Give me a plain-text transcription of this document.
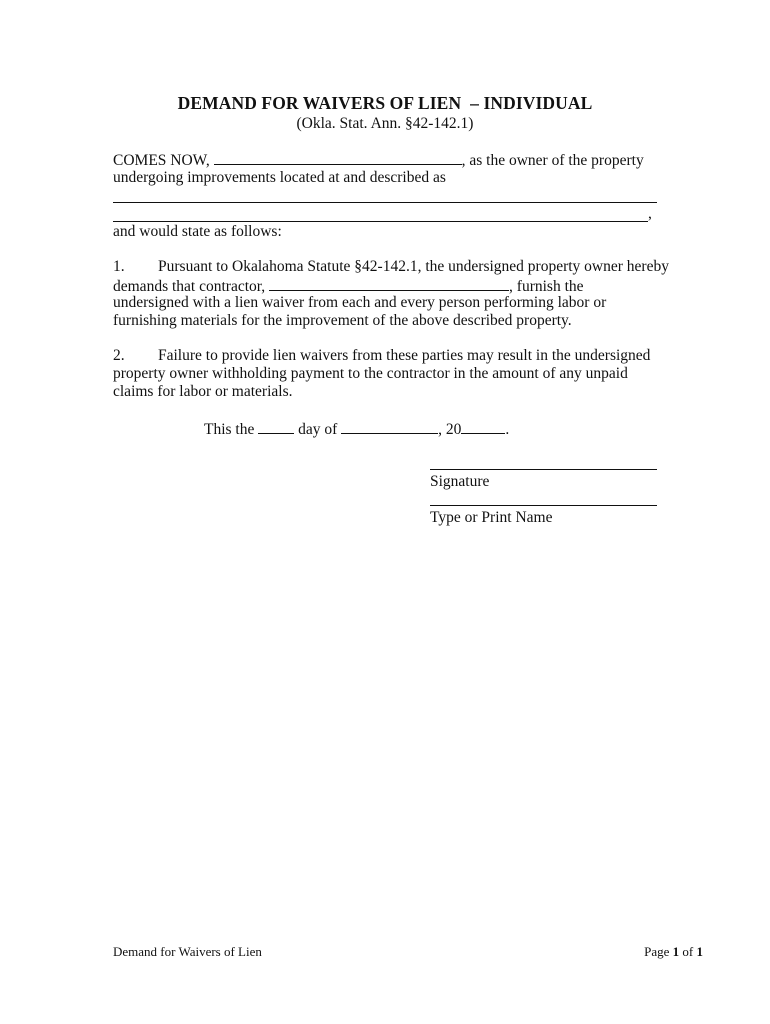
DEMAND FOR WAIVERS OF LIEN  – INDIVIDUAL
(Okla. Stat. Ann. §42-142.1)
COMES NOW,	, as the owner of the property
undergoing improvements located at and described as
,
and would state as follows:
1. Pursuant to Okalahoma Statute §42-142.1, the undersigned property owner hereby
demands that contractor,	, furnish the
undersigned with a lien waiver from each and every person performing labor or
furnishing materials for the improvement of the above described property.
2. Failure to provide lien waivers from these parties may result in the undersigned
property owner withholding payment to the contractor in the amount of any unpaid
claims for labor or materials.
This the  day of	, 20	.
Signature
Type or Print Name
Demand for Waivers of Lien	Page 1 of 1
